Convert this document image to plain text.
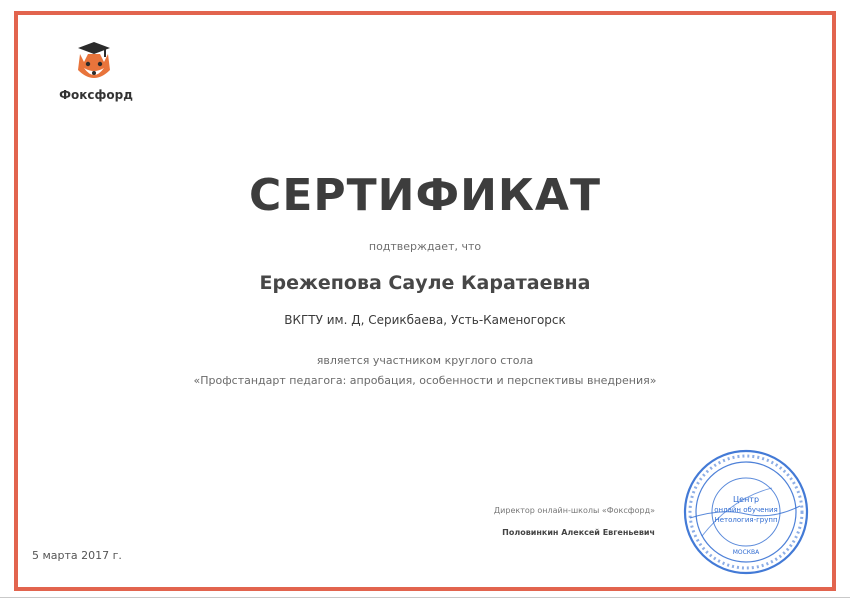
Фоксфорд
СЕРТИФИКАТ
подтверждает, что
Ережепова Сауле Каратаевна
ВКГТУ им. Д, Серикбаева, Усть-Каменогорск
является участником круглого стола
«Профстандарт педагога: апробация, особенности и перспективы внедрения»
Директор онлайн-школы «Фоксфорд»
Половинкин Алексей Евгеньевич
5 марта 2017 г.
Центр
онлайн обучения
Нетология-групп
МОСКВА
